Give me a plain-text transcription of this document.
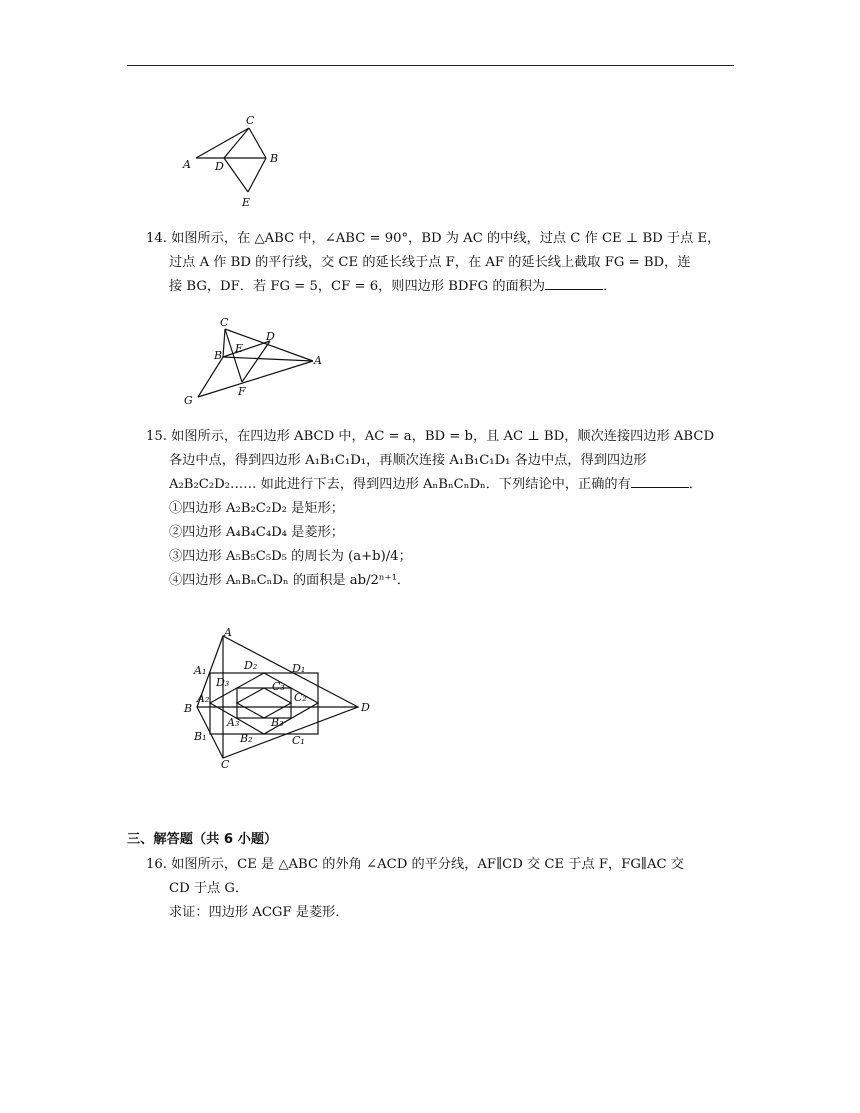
C
A D
B
E

14. 如图所示，在 △ABC 中，∠ABC = 90°，BD 为 AC 的中线，过点 C 作 CE ⊥ BD 于点 E，

过点 A 作 BD 的平行线，交 CE 的延长线于点 F，在 AF 的延长线上截取 FG = BD，连

接 BG，DF．若 FG = 5，CF = 6，则四边形 BDFG 的面积为	．

C
D
B
E
A
F
G

15. 如图所示，在四边形 ABCD 中，AC = a，BD = b，且 AC ⊥ BD，顺次连接四边形 ABCD

各边中点，得到四边形 A₁B₁C₁D₁，再顺次连接 A₁B₁C₁D₁ 各边中点，得到四边形

A₂B₂C₂D₂…… 如此进行下去，得到四边形 AₙBₙCₙDₙ．下列结论中，正确的有	．

①四边形 A₂B₂C₂D₂ 是矩形；

②四边形 A₄B₄C₄D₄ 是菱形；

③四边形 A₅B₅C₅D₅ 的周长为 (a+b)/4；

④四边形 AₙBₙCₙDₙ 的面积是 ab/2ⁿ⁺¹．

A
A₁	D₂	D₁
D₃	C₃
A₂	C₂
B	D
A₃	B₃
B₁	B₂	C₁
C
三、解答题（共 6 小题）

16. 如图所示，CE 是 △ABC 的外角 ∠ACD 的平分线，AF∥CD 交 CE 于点 F，FG∥AC 交

CD 于点 G．

求证：四边形 ACGF 是菱形．
